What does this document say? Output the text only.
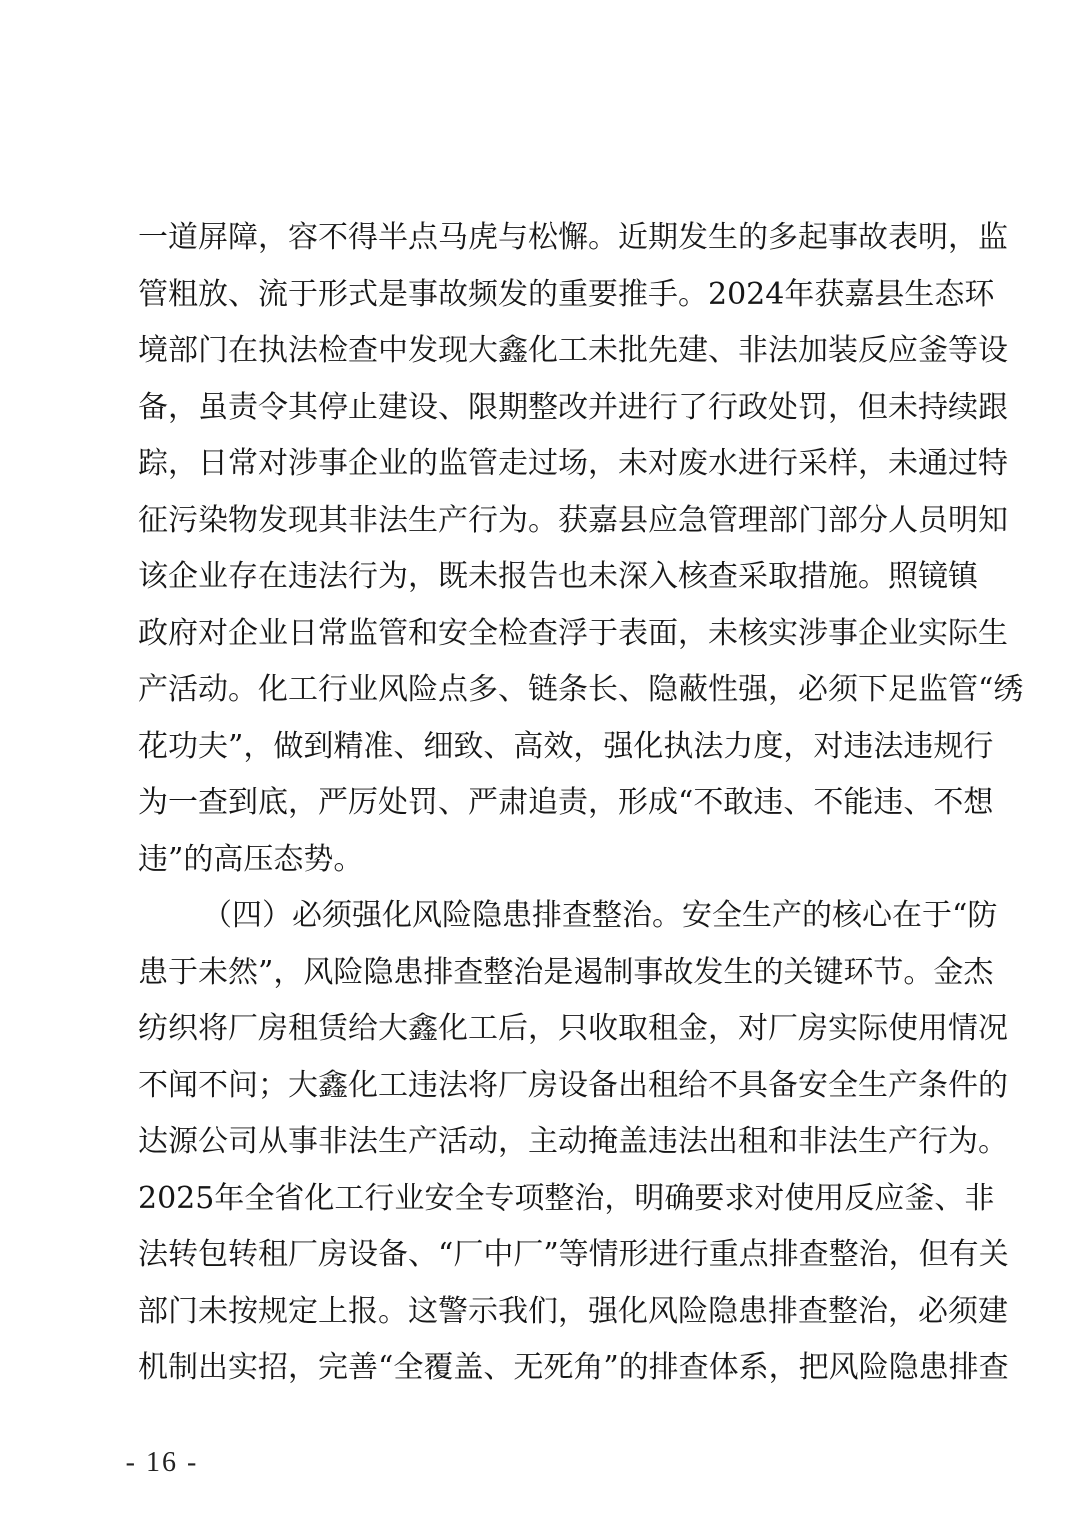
一道屏障，容不得半点马虎与松懈。近期发生的多起事故表明，监
管粗放、流于形式是事故频发的重要推手。2024年获嘉县生态环
境部门在执法检查中发现大鑫化工未批先建、非法加装反应釜等设
备，虽责令其停止建设、限期整改并进行了行政处罚，但未持续跟
踪，日常对涉事企业的监管走过场，未对废水进行采样，未通过特
征污染物发现其非法生产行为。获嘉县应急管理部门部分人员明知
该企业存在违法行为，既未报告也未深入核查采取措施。照镜镇
政府对企业日常监管和安全检查浮于表面，未核实涉事企业实际生
产活动。化工行业风险点多、链条长、隐蔽性强，必须下足监管“绣
花功夫”，做到精准、细致、高效，强化执法力度，对违法违规行
为一查到底，严厉处罚、严肃追责，形成“不敢违、不能违、不想
违”的高压态势。
（四）必须强化风险隐患排查整治。安全生产的核心在于“防
患于未然”，风险隐患排查整治是遏制事故发生的关键环节。金杰
纺织将厂房租赁给大鑫化工后，只收取租金，对厂房实际使用情况
不闻不问；大鑫化工违法将厂房设备出租给不具备安全生产条件的
达源公司从事非法生产活动，主动掩盖违法出租和非法生产行为。
2025年全省化工行业安全专项整治，明确要求对使用反应釜、非
法转包转租厂房设备、“厂中厂”等情形进行重点排查整治，但有关
部门未按规定上报。这警示我们，强化风险隐患排查整治，必须建
机制出实招，完善“全覆盖、无死角”的排查体系，把风险隐患排查
- 16 -
